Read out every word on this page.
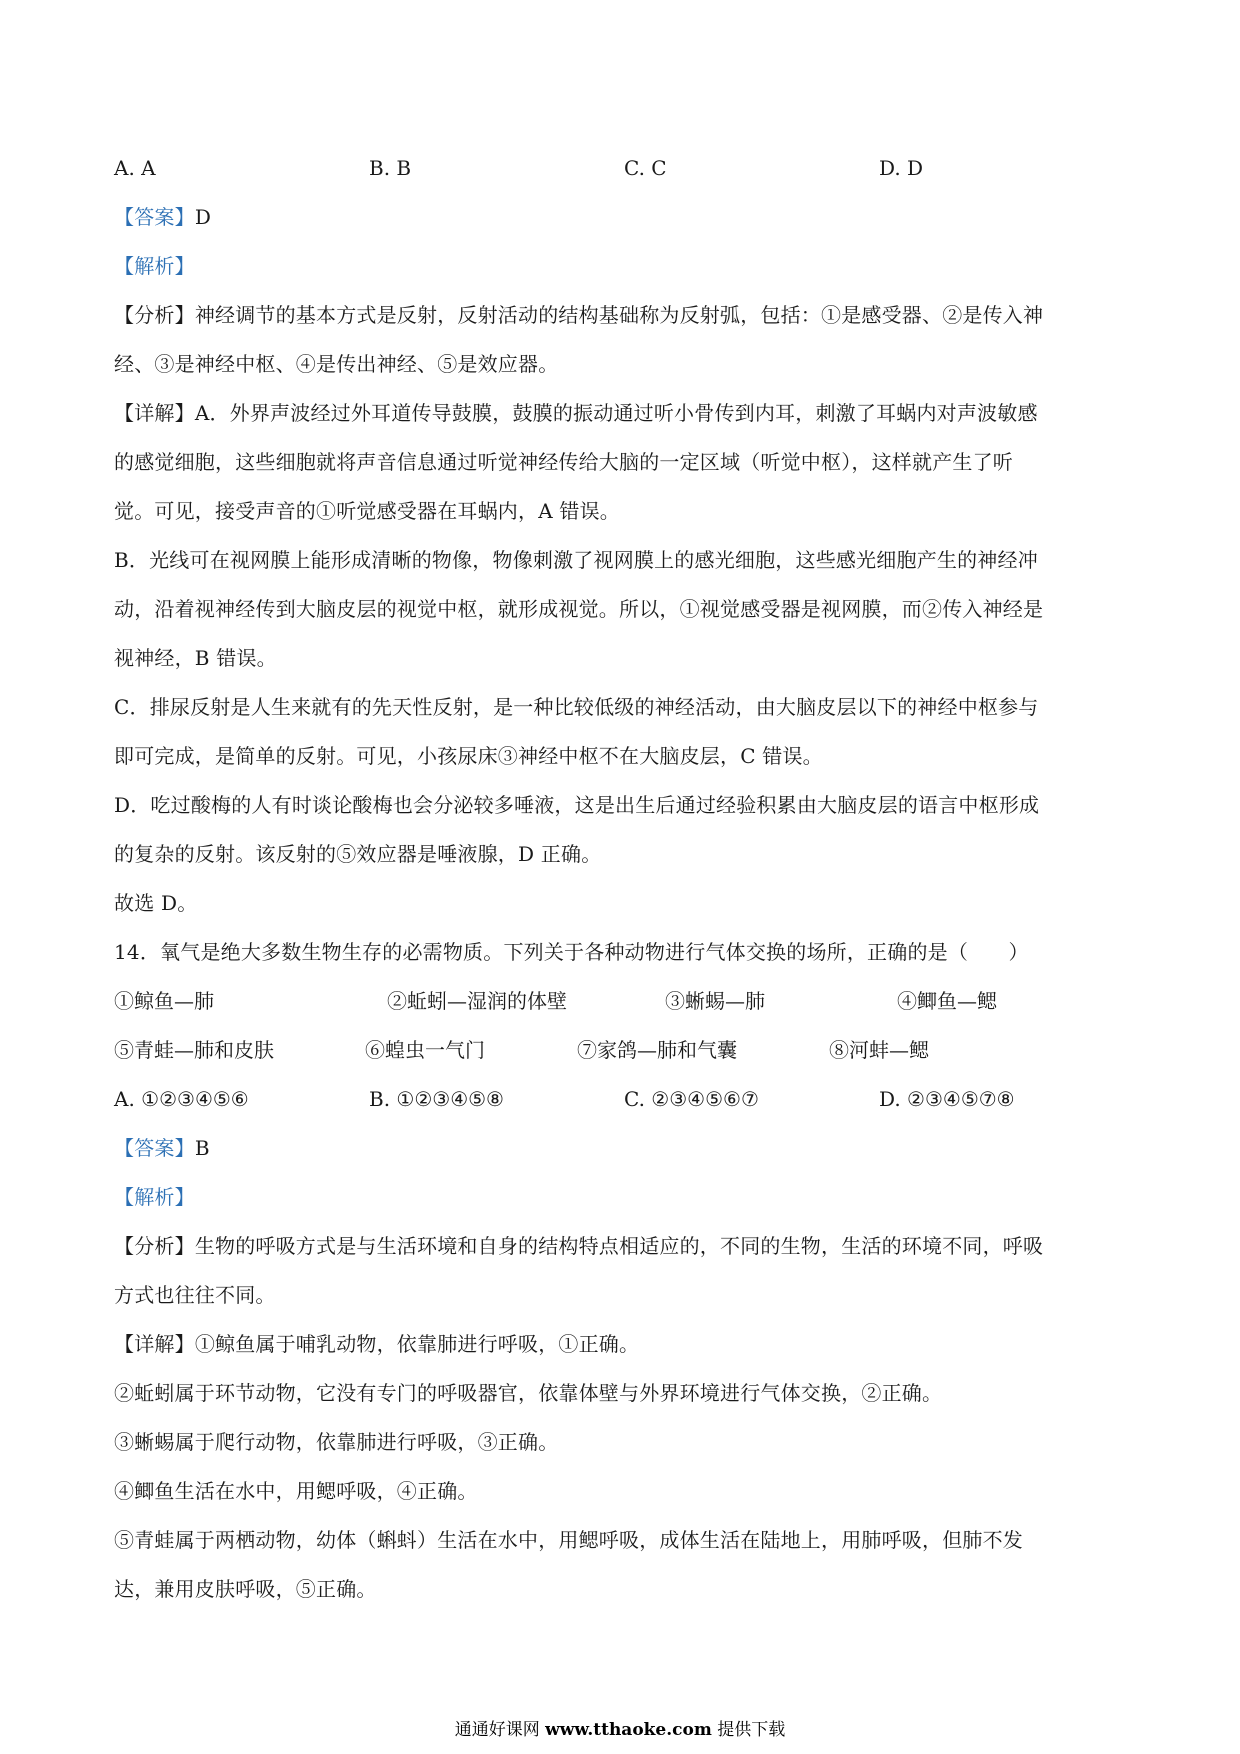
A. A	B. B	C. C	D. D
【答案】D
【解析】
【分析】神经调节的基本方式是反射，反射活动的结构基础称为反射弧，包括：①是感受器、②是传入神
经、③是神经中枢、④是传出神经、⑤是效应器。
【详解】A．外界声波经过外耳道传导鼓膜，鼓膜的振动通过听小骨传到内耳，刺激了耳蜗内对声波敏感
的感觉细胞，这些细胞就将声音信息通过听觉神经传给大脑的一定区域（听觉中枢），这样就产生了听
觉。可见，接受声音的①听觉感受器在耳蜗内，A 错误。
B．光线可在视网膜上能形成清晰的物像，物像刺激了视网膜上的感光细胞，这些感光细胞产生的神经冲
动，沿着视神经传到大脑皮层的视觉中枢，就形成视觉。所以，①视觉感受器是视网膜，而②传入神经是
视神经，B 错误。
C．排尿反射是人生来就有的先天性反射，是一种比较低级的神经活动，由大脑皮层以下的神经中枢参与
即可完成，是简单的反射。可见，小孩尿床③神经中枢不在大脑皮层，C 错误。
D．吃过酸梅的人有时谈论酸梅也会分泌较多唾液，这是出生后通过经验积累由大脑皮层的语言中枢形成
的复杂的反射。该反射的⑤效应器是唾液腺，D 正确。
故选 D。
14．氧气是绝大多数生物生存的必需物质。下列关于各种动物进行气体交换的场所，正确的是（　　）
①鲸鱼—肺	②蚯蚓—湿润的体壁	③蜥蜴—肺	④鲫鱼—鳃
⑤青蛙—肺和皮肤	⑥蝗虫一气门	⑦家鸽—肺和气囊	⑧河蚌—鳃
A. ①②③④⑤⑥	B. ①②③④⑤⑧	C. ②③④⑤⑥⑦	D. ②③④⑤⑦⑧
【答案】B
【解析】
【分析】生物的呼吸方式是与生活环境和自身的结构特点相适应的，不同的生物，生活的环境不同，呼吸
方式也往往不同。
【详解】①鲸鱼属于哺乳动物，依靠肺进行呼吸，①正确。
②蚯蚓属于环节动物，它没有专门的呼吸器官，依靠体壁与外界环境进行气体交换，②正确。
③蜥蜴属于爬行动物，依靠肺进行呼吸，③正确。
④鲫鱼生活在水中，用鳃呼吸，④正确。
⑤青蛙属于两栖动物，幼体（蝌蚪）生活在水中，用鳃呼吸，成体生活在陆地上，用肺呼吸，但肺不发
达，兼用皮肤呼吸，⑤正确。
通通好课网 www.tthaoke.com 提供下载
